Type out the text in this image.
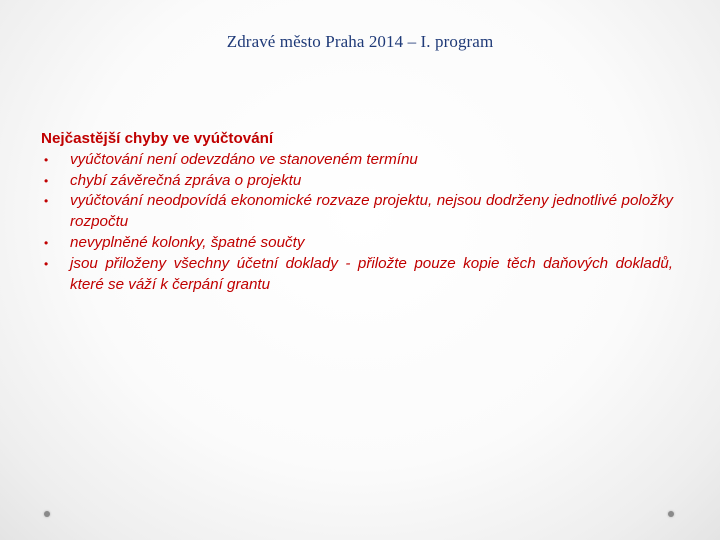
Zdravé město Praha 2014 – I. program
Nejčastější chyby ve vyúčtování
• vyúčtování není odevzdáno ve stanoveném termínu
• chybí závěrečná zpráva o projektu
• vyúčtování neodpovídá ekonomické rozvaze projektu, nejsou dodrženy jednotlivé položky rozpočtu
• nevyplněné kolonky, špatné součty
• jsou přiloženy všechny účetní doklady - přiložte pouze kopie těch daňových dokladů, které se váží k čerpání grantu
